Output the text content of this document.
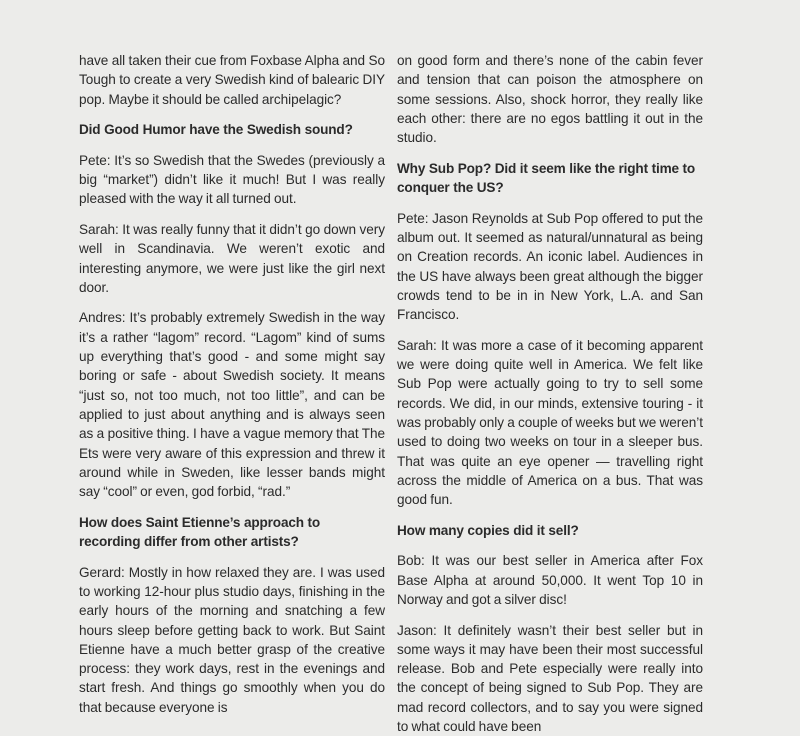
have all taken their cue from Foxbase Alpha and So Tough to create a very Swedish kind of balearic DIY pop. Maybe it should be called archipelagic?

Did Good Humor have the Swedish sound?

Pete: It’s so Swedish that the Swedes (previously a big “market”) didn’t like it much! But I was really pleased with the way it all turned out.

Sarah: It was really funny that it didn’t go down very well in Scandinavia. We weren’t exotic and interesting anymore, we were just like the girl next door.

Andres: It’s probably extremely Swedish in the way it’s a rather “lagom” record. “Lagom” kind of sums up everything that’s good - and some might say boring or safe - about Swedish society. It means “just so, not too much, not too little”, and can be applied to just about anything and is always seen as a positive thing. I have a vague memory that The Ets were very aware of this expression and threw it around while in Sweden, like lesser bands might say “cool” or even, god forbid, “rad.”

How does Saint Etienne’s approach to recording differ from other artists?

Gerard: Mostly in how relaxed they are. I was used to working 12-hour plus studio days, finishing in the early hours of the morning and snatching a few hours sleep before getting back to work. But Saint Etienne have a much better grasp of the creative process: they work days, rest in the evenings and start fresh. And things go smoothly when you do that because everyone is

on good form and there’s none of the cabin fever and tension that can poison the atmosphere on some sessions. Also, shock horror, they really like each other: there are no egos battling it out in the studio.

Why Sub Pop? Did it seem like the right time to conquer the US?

Pete: Jason Reynolds at Sub Pop offered to put the album out. It seemed as natural/unnatural as being on Creation records. An iconic label. Audiences in the US have always been great although the bigger crowds tend to be in in New York, L.A. and San Francisco.

Sarah: It was more a case of it becoming apparent we were doing quite well in America. We felt like Sub Pop were actually going to try to sell some records. We did, in our minds, extensive touring - it was probably only a couple of weeks but we weren’t used to doing two weeks on tour in a sleeper bus. That was quite an eye opener — travelling right across the middle of America on a bus. That was good fun.

How many copies did it sell?

Bob: It was our best seller in America after Fox Base Alpha at around 50,000. It went Top 10 in Norway and got a silver disc!

Jason: It definitely wasn’t their best seller but in some ways it may have been their most successful release. Bob and Pete especially were really into the concept of being signed to Sub Pop. They are mad record collectors, and to say you were signed to what could have been
